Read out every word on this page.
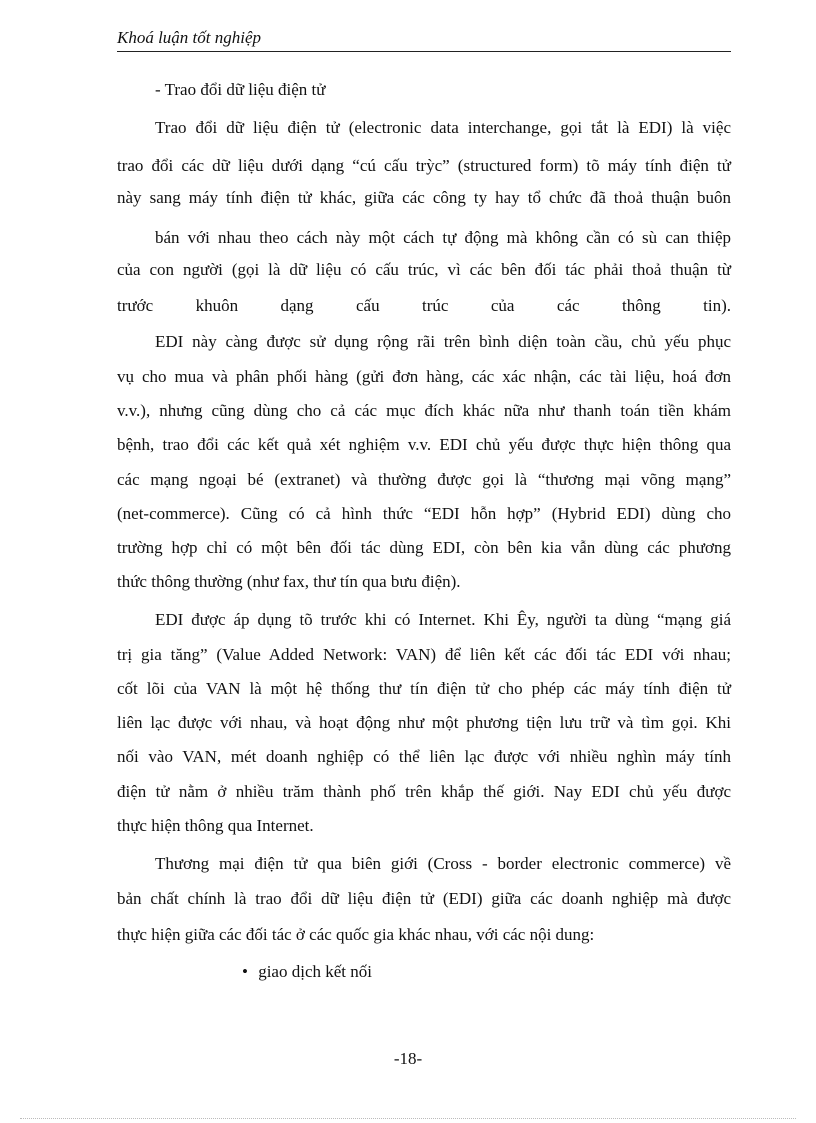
Khoá luận tốt nghiệp
- Trao đổi dữ liệu điện tử
Trao đổi dữ liệu điện tử (electronic data interchange, gọi tắt là EDI) là việc
trao đổi các dữ liệu dưới dạng “cú cấu trỳc” (structured form) tõ máy tính điện tử
này sang máy tính điện tử khác, giữa các công ty hay tổ chức đã thoả thuận buôn
bán với nhau theo cách này một cách tự động mà không cần có sù can thiệp
của con người (gọi là dữ liệu có cấu trúc, vì các bên đối tác phải thoả thuận từ
trước khuôn dạng cấu trúc của các thông tin).
EDI này càng được sử dụng rộng rãi trên bình diện toàn cầu, chủ yếu phục
vụ cho mua và phân phối hàng (gửi đơn hàng, các xác nhận, các tài liệu, hoá đơn
v.v.), nhưng cũng dùng cho cả các mục đích khác nữa như thanh toán tiền khám
bệnh, trao đổi các kết quả xét nghiệm v.v. EDI chủ yếu được thực hiện thông qua
các mạng ngoại bé (extranet) và thường được gọi là “thương mại võng mạng”
(net-commerce). Cũng có cả hình thức “EDI hỗn hợp” (Hybrid EDI) dùng cho
trường hợp chỉ có một bên đối tác dùng EDI, còn bên kia vẫn dùng các phương
thức thông thường (như fax, thư tín qua bưu điện).
EDI được áp dụng tõ trước khi có Internet. Khi Êy, người ta dùng “mạng giá
trị gia tăng” (Value Added Network: VAN) để liên kết các đối tác EDI với nhau;
cốt lõi của VAN là một hệ thống thư tín điện tử cho phép các máy tính điện tử
liên lạc được với nhau, và hoạt động như một phương tiện lưu trữ và tìm gọi. Khi
nối vào VAN, mét doanh nghiệp có thể liên lạc được với nhiều nghìn máy tính
điện tử nằm ở nhiều trăm thành phố trên khắp thế giới. Nay EDI chủ yếu được
thực hiện thông qua Internet.
Thương mại điện tử qua biên giới (Cross - border electronic commerce) về
bản chất chính là trao đổi dữ liệu điện tử (EDI) giữa các doanh nghiệp mà được
thực hiện giữa các đối tác ở các quốc gia khác nhau, với các nội dung:
• giao dịch kết nối
-18-
